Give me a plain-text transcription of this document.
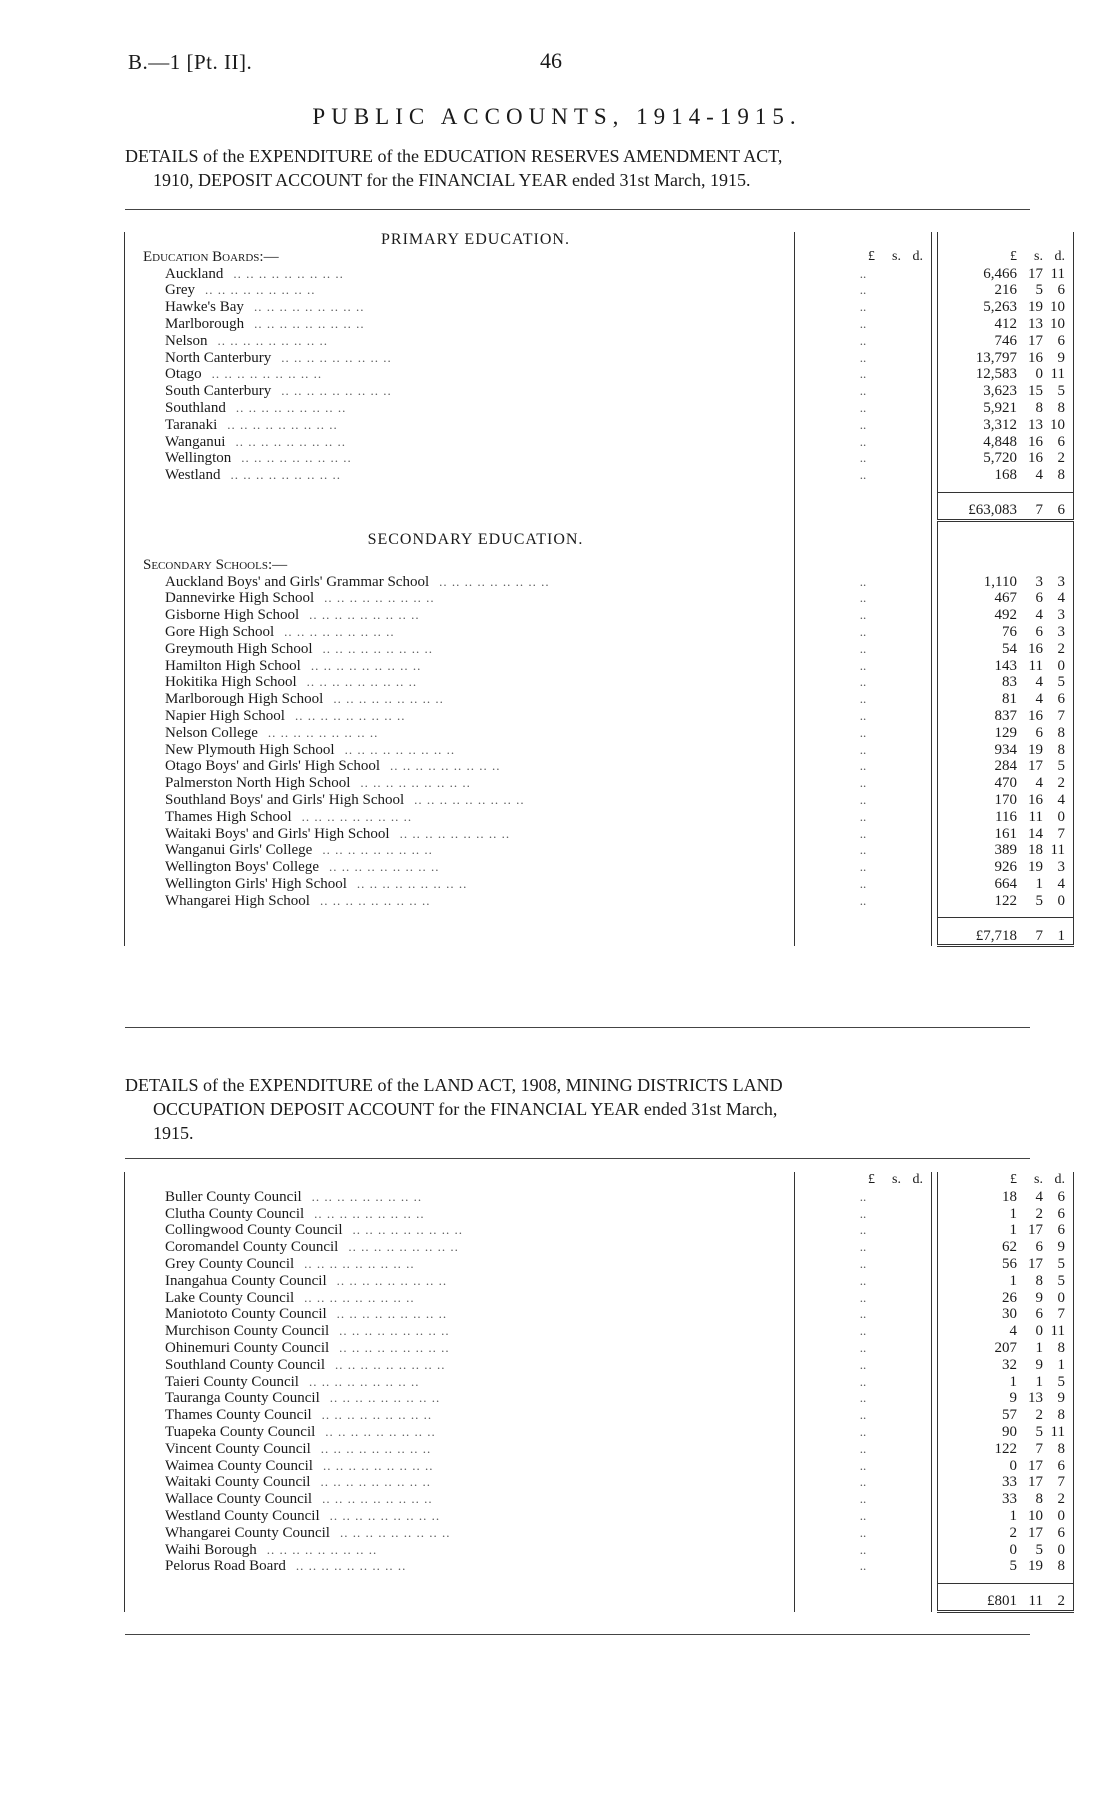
B.—1 [Pt. II].	46
PUBLIC ACCOUNTS, 1914-1915.
DETAILS of the EXPENDITURE of the EDUCATION RESERVES AMENDMENT ACT,
1910, DEPOSIT ACCOUNT for the FINANCIAL YEAR ended 31st March, 1915.
PRIMARY EDUCATION.			
Education Boards:—	£ s. d.		£ s. d.

Auckland .. .. .. .. .. .. .. .. ..	..		6,466 17 11

Grey .. .. .. .. .. .. .. .. ..	..		216 5 6

Hawke's Bay .. .. .. .. .. .. .. .. ..	..		5,263 19 10

Marlborough .. .. .. .. .. .. .. .. ..	..		412 13 10

Nelson .. .. .. .. .. .. .. .. ..	..		746 17 6

North Canterbury .. .. .. .. .. .. .. .. ..	..		13,797 16 9

Otago .. .. .. .. .. .. .. .. ..	..		12,583 0 11

South Canterbury .. .. .. .. .. .. .. .. ..	..		3,623 15 5

Southland .. .. .. .. .. .. .. .. ..	..		5,921 8 8

Taranaki .. .. .. .. .. .. .. .. ..	..		3,312 13 10

Wanganui .. .. .. .. .. .. .. .. ..	..		4,848 16 6

Wellington .. .. .. .. .. .. .. .. ..	..		5,720 16 2

Westland .. .. .. .. .. .. .. .. ..	..		168 4 8

			£63,083 7 6

SECONDARY EDUCATION.			

Secondary Schools:—			
Auckland Boys' and Girls' Grammar School .. .. .. .. .. .. .. .. ..	..		1,110 3 3

Dannevirke High School .. .. .. .. .. .. .. .. ..	..		467 6 4

Gisborne High School .. .. .. .. .. .. .. .. ..	..		492 4 3

Gore High School .. .. .. .. .. .. .. .. ..	..		76 6 3

Greymouth High School .. .. .. .. .. .. .. .. ..	..		54 16 2

Hamilton High School .. .. .. .. .. .. .. .. ..	..		143 11 0

Hokitika High School .. .. .. .. .. .. .. .. ..	..		83 4 5

Marlborough High School .. .. .. .. .. .. .. .. ..	..		81 4 6

Napier High School .. .. .. .. .. .. .. .. ..	..		837 16 7

Nelson College .. .. .. .. .. .. .. .. ..	..		129 6 8

New Plymouth High School .. .. .. .. .. .. .. .. ..	..		934 19 8

Otago Boys' and Girls' High School .. .. .. .. .. .. .. .. ..	..		284 17 5

Palmerston North High School .. .. .. .. .. .. .. .. ..	..		470 4 2

Southland Boys' and Girls' High School .. .. .. .. .. .. .. .. ..	..		170 16 4

Thames High School .. .. .. .. .. .. .. .. ..	..		116 11 0

Waitaki Boys' and Girls' High School .. .. .. .. .. .. .. .. ..	..		161 14 7

Wanganui Girls' College .. .. .. .. .. .. .. .. ..	..		389 18 11

Wellington Boys' College .. .. .. .. .. .. .. .. ..	..		926 19 3

Wellington Girls' High School .. .. .. .. .. .. .. .. ..	..		664 1 4

Whangarei High School .. .. .. .. .. .. .. .. ..	..		122 5 0

			£7,718 7 1
DETAILS of the EXPENDITURE of the LAND ACT, 1908, MINING DISTRICTS LAND
OCCUPATION DEPOSIT ACCOUNT for the FINANCIAL YEAR ended 31st March,
1915.

	£ s. d.		£ s. d.

Buller County Council .. .. .. .. .. .. .. .. ..	..		18 4 6

Clutha County Council .. .. .. .. .. .. .. .. ..	..		1 2 6

Collingwood County Council .. .. .. .. .. .. .. .. ..	..		1 17 6

Coromandel County Council .. .. .. .. .. .. .. .. ..	..		62 6 9

Grey County Council .. .. .. .. .. .. .. .. ..	..		56 17 5

Inangahua County Council .. .. .. .. .. .. .. .. ..	..		1 8 5

Lake County Council .. .. .. .. .. .. .. .. ..	..		26 9 0

Maniototo County Council .. .. .. .. .. .. .. .. ..	..		30 6 7

Murchison County Council .. .. .. .. .. .. .. .. ..	..		4 0 11

Ohinemuri County Council .. .. .. .. .. .. .. .. ..	..		207 1 8

Southland County Council .. .. .. .. .. .. .. .. ..	..		32 9 1

Taieri County Council .. .. .. .. .. .. .. .. ..	..		1 1 5

Tauranga County Council .. .. .. .. .. .. .. .. ..	..		9 13 9

Thames County Council .. .. .. .. .. .. .. .. ..	..		57 2 8

Tuapeka County Council .. .. .. .. .. .. .. .. ..	..		90 5 11

Vincent County Council .. .. .. .. .. .. .. .. ..	..		122 7 8

Waimea County Council .. .. .. .. .. .. .. .. ..	..		0 17 6

Waitaki County Council .. .. .. .. .. .. .. .. ..	..		33 17 7

Wallace County Council .. .. .. .. .. .. .. .. ..	..		33 8 2

Westland County Council .. .. .. .. .. .. .. .. ..	..		1 10 0

Whangarei County Council .. .. .. .. .. .. .. .. ..	..		2 17 6

Waihi Borough .. .. .. .. .. .. .. .. ..	..		0 5 0

Pelorus Road Board .. .. .. .. .. .. .. .. ..	..		5 19 8

			£801 11 2
